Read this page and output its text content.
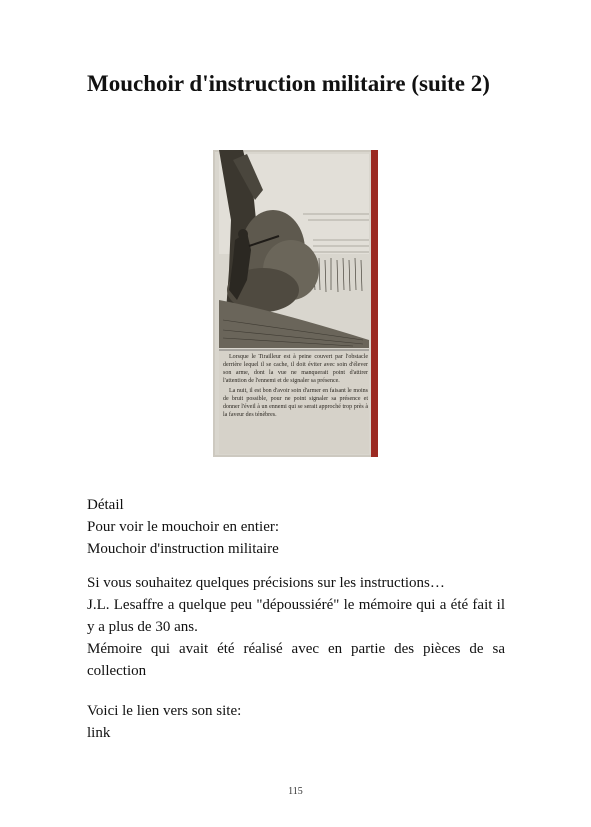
Mouchoir d'instruction militaire (suite 2)

Lorsque le Tirailleur est à peine couvert par l'obstacle derrière lequel il se cache, il doit éviter avec soin d'élever son arme, dont la vue ne manquerait point d'attirer l'attention de l'ennemi et de signaler sa présence.

La nuit, il est bon d'avoir soin d'armer en faisant le moins de bruit possible, pour ne point signaler sa présence et donner l'éveil à un ennemi qui se serait approché trop près à la faveur des ténèbres.

Détail
Pour voir le mouchoir en entier:
Mouchoir d'instruction militaire
Si vous souhaitez quelques précisions sur les instructions…
J.L. Lesaffre a quelque peu "dépoussiéré" le mémoire qui a été fait il y a plus de 30 ans.
Mémoire qui avait été réalisé avec en partie des pièces de sa collection
Voici le lien vers son site:
link
115
